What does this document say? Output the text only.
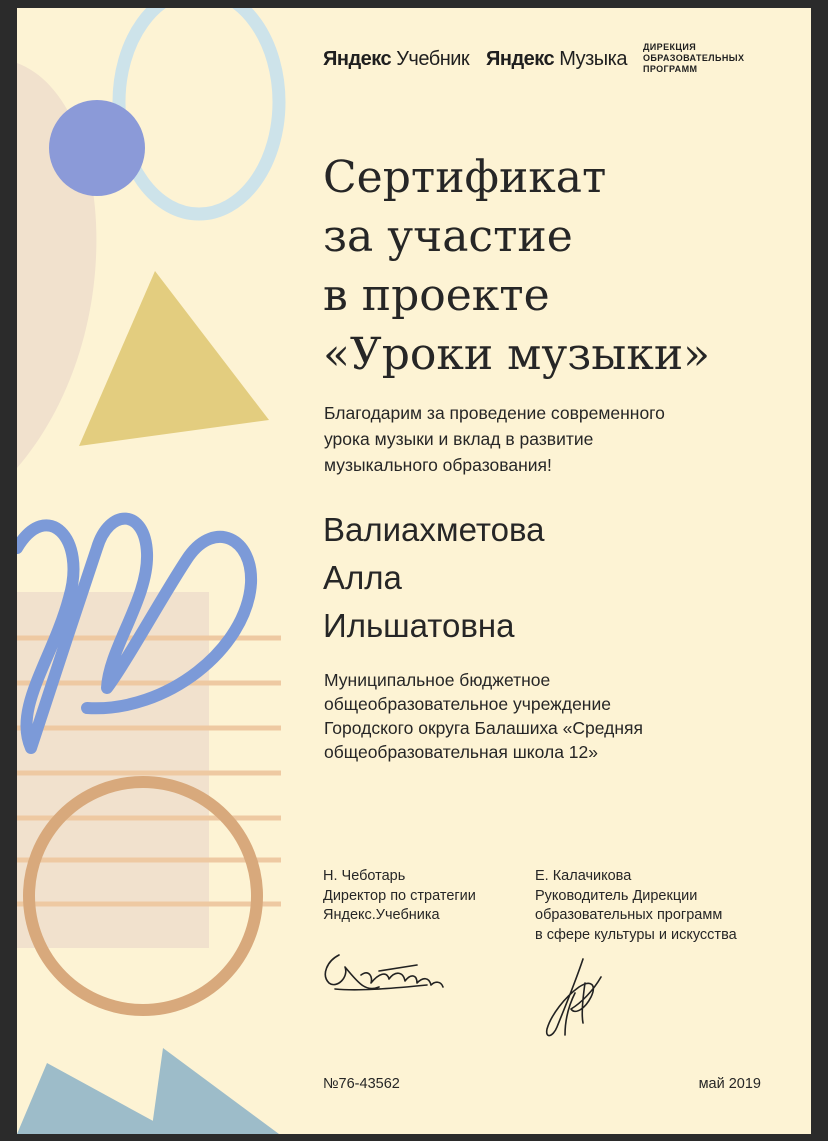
Яндекс Учебник Яндекс Музыка
ДИРЕКЦИЯ
ОБРАЗОВАТЕЛЬНЫХ
ПРОГРАММ
Сертификат
за участие
в проекте
«Уроки музыки»
Благодарим за проведение современного
урока музыки и вклад в развитие
музыкального образования!
Валиахметова
Алла
Ильшатовна
Муниципальное бюджетное
общеобразовательное учреждение
Городского округа Балашиха «Средняя
общеобразовательная школа 12»
Н. Чеботарь
Директор по стратегии
Яндекс.Учебника
Е. Калачикова
Руководитель Дирекции
образовательных программ
в сфере культуры и искусства
№76-43562	май 2019
